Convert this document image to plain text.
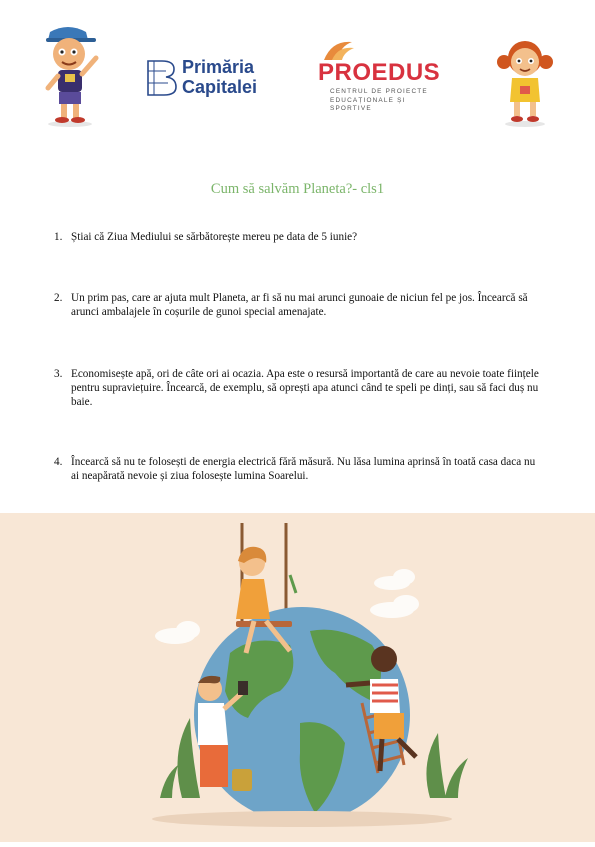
Primăria
Capitalei
PROEDUS
CENTRUL DE PROIECTE
EDUCAȚIONALE ȘI SPORTIVE
Cum să salvăm Planeta?- cls1
1. Știai că Ziua Mediului se sărbătorește mereu pe data de 5 iunie?
2. Un prim pas, care ar ajuta mult Planeta, ar fi să nu mai arunci gunoaie de niciun fel pe jos. Încearcă să arunci ambalajele în coșurile de gunoi special amenajate.
3. Economisește apă, ori de câte ori ai ocazia. Apa este o resursă importantă de care au nevoie toate ființele pentru supraviețuire. Încearcă, de exemplu, să oprești apa atunci când te speli pe dinți, sau să faci duș nu baie.
4. Încearcă să nu te folosești de energia electrică fără măsură. Nu lăsa lumina aprinsă în toată casa daca nu ai neapărată nevoie și ziua folosește lumina Soarelui.
